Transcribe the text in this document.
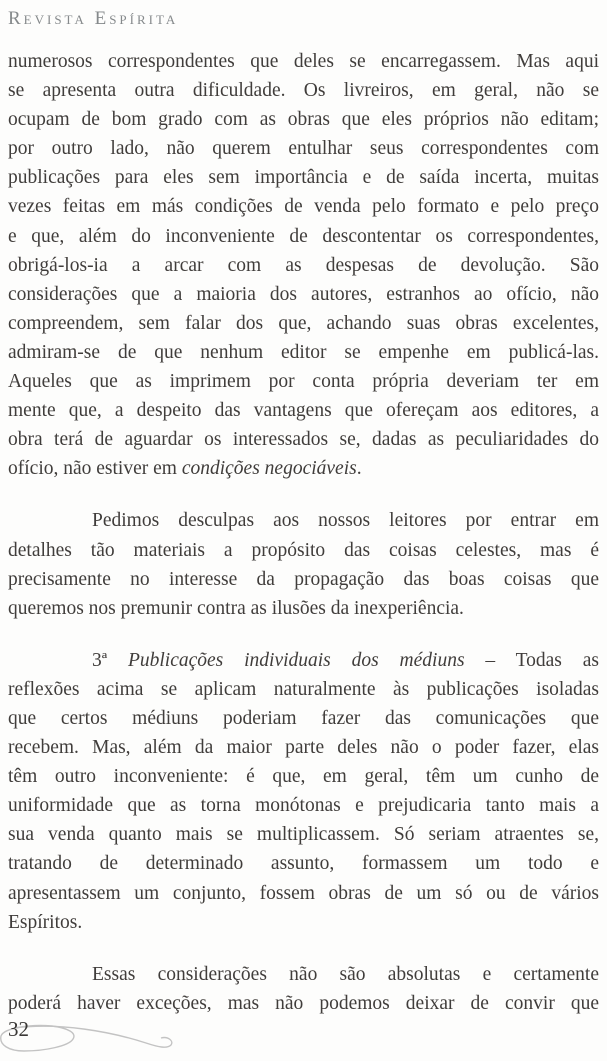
Revista Espírita

numerosos correspondentes que deles se encarregassem. Mas aqui
se apresenta outra dificuldade. Os livreiros, em geral, não se
ocupam de bom grado com as obras que eles próprios não editam;
por outro lado, não querem entulhar seus correspondentes com
publicações para eles sem importância e de saída incerta, muitas
vezes feitas em más condições de venda pelo formato e pelo preço
e que, além do inconveniente de descontentar os correspondentes,
obrigá-los-ia a arcar com as despesas de devolução. São
considerações que a maioria dos autores, estranhos ao ofício, não
compreendem, sem falar dos que, achando suas obras excelentes,
admiram-se de que nenhum editor se empenhe em publicá-las.
Aqueles que as imprimem por conta própria deveriam ter em
mente que, a despeito das vantagens que ofereçam aos editores, a
obra terá de aguardar os interessados se, dadas as peculiaridades do
ofício, não estiver em condições negociáveis.

Pedimos desculpas aos nossos leitores por entrar em
detalhes tão materiais a propósito das coisas celestes, mas é
precisamente no interesse da propagação das boas coisas que
queremos nos premunir contra as ilusões da inexperiência.

3ª Publicações individuais dos médiuns – Todas as
reflexões acima se aplicam naturalmente às publicações isoladas
que certos médiuns poderiam fazer das comunicações que
recebem. Mas, além da maior parte deles não o poder fazer, elas
têm outro inconveniente: é que, em geral, têm um cunho de
uniformidade que as torna monótonas e prejudicaria tanto mais a
sua venda quanto mais se multiplicassem. Só seriam atraentes se,
tratando de determinado assunto, formassem um todo e
apresentassem um conjunto, fossem obras de um só ou de vários
Espíritos.

Essas considerações não são absolutas e certamente
poderá haver exceções, mas não podemos deixar de convir que

32
